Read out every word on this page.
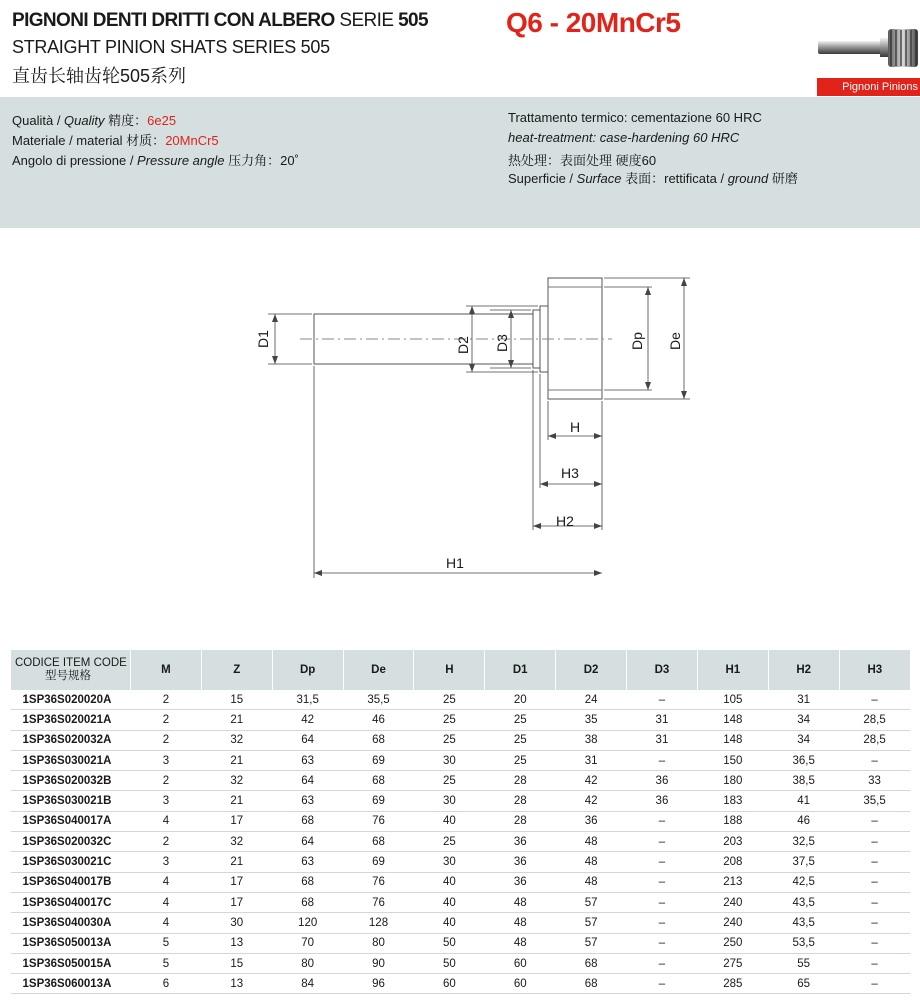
PIGNONI DENTI DRITTI CON ALBERO SERIE 505
STRAIGHT PINION SHATS SERIES 505
直齿长轴齿轮505系列
Q6 - 20MnCr5
Pignoni Pinions
Qualità / Quality 精度：6e25
Materiale / material 材质：20MnCr5
Angolo di pressione / Pressure angle 压力角：20˚
Trattamento termico: cementazione 60 HRC
heat-treatment: case-hardening 60 HRC
热处理：表面处理 硬度60
Superficie / Surface 表面：rettificata / ground 研磨
D1	D2 D3	Dp De
H
H3
H2
H1
CODICE ITEM CODE
型号规格	M	Z	Dp	De	H	D1	D2	D3	H1	H2	H3
1SP36S020020A	2	15	31,5	35,5	25	20	24	–	105	31	–
1SP36S020021A	2	21	42	46	25	25	35	31	148	34	28,5
1SP36S020032A	2	32	64	68	25	25	38	31	148	34	28,5
1SP36S030021A	3	21	63	69	30	25	31	–	150	36,5	–
1SP36S020032B	2	32	64	68	25	28	42	36	180	38,5	33
1SP36S030021B	3	21	63	69	30	28	42	36	183	41	35,5
1SP36S040017A	4	17	68	76	40	28	36	–	188	46	–
1SP36S020032C	2	32	64	68	25	36	48	–	203	32,5	–
1SP36S030021C	3	21	63	69	30	36	48	–	208	37,5	–
1SP36S040017B	4	17	68	76	40	36	48	–	213	42,5	–
1SP36S040017C	4	17	68	76	40	48	57	–	240	43,5	–
1SP36S040030A	4	30	120	128	40	48	57	–	240	43,5	–
1SP36S050013A	5	13	70	80	50	48	57	–	250	53,5	–
1SP36S050015A	5	15	80	90	50	60	68	–	275	55	–
1SP36S060013A	6	13	84	96	60	60	68	–	285	65	–
